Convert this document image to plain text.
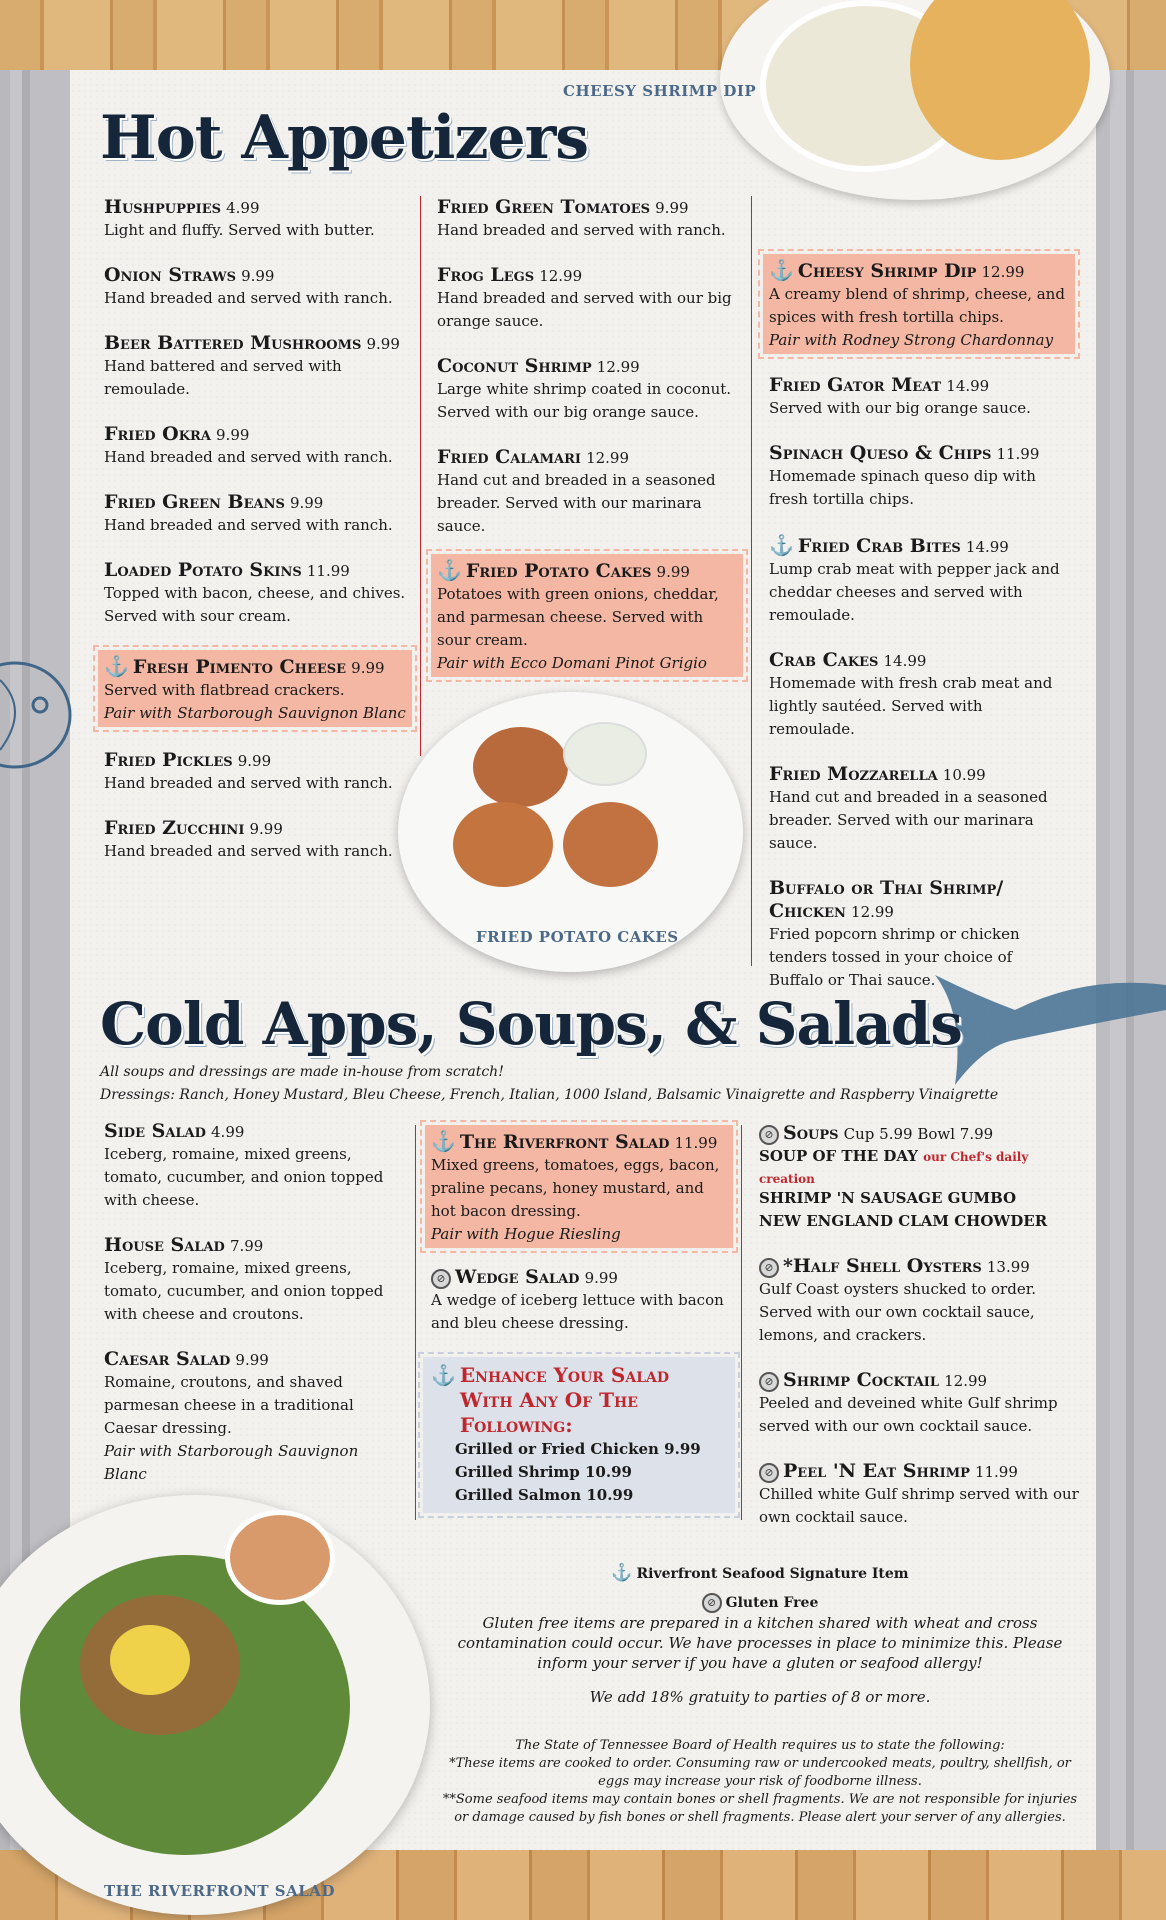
CHEESY SHRIMP DIP
Hot Appetizers
Hushpuppies 4.99
Light and fluffy. Served with butter.
Onion Straws 9.99
Hand breaded and served with ranch.
Beer Battered Mushrooms 9.99
Hand battered and served with remoulade.
Fried Okra 9.99
Hand breaded and served with ranch.
Fried Green Beans 9.99
Hand breaded and served with ranch.
Loaded Potato Skins 11.99
Topped with bacon, cheese, and chives. Served with sour cream.
⚓ Fresh Pimento Cheese 9.99
Served with flatbread crackers.
Pair with Starborough Sauvignon Blanc
Fried Pickles 9.99
Hand breaded and served with ranch.
Fried Zucchini 9.99
Hand breaded and served with ranch.
Fried Green Tomatoes 9.99
Hand breaded and served with ranch.
Frog Legs 12.99
Hand breaded and served with our big orange sauce.
Coconut Shrimp 12.99
Large white shrimp coated in coconut. Served with our big orange sauce.
Fried Calamari 12.99
Hand cut and breaded in a seasoned breader. Served with our marinara sauce.
⚓ Fried Potato Cakes 9.99
Potatoes with green onions, cheddar, and parmesan cheese. Served with sour cream.
Pair with Ecco Domani Pinot Grigio
FRIED POTATO CAKES
⚓ Cheesy Shrimp Dip 12.99
A creamy blend of shrimp, cheese, and spices with fresh tortilla chips.
Pair with Rodney Strong Chardonnay
Fried Gator Meat 14.99
Served with our big orange sauce.
Spinach Queso & Chips 11.99
Homemade spinach queso dip with fresh tortilla chips.
⚓ Fried Crab Bites 14.99
Lump crab meat with pepper jack and cheddar cheeses and served with remoulade.
Crab Cakes 14.99
Homemade with fresh crab meat and lightly sautéed. Served with remoulade.
Fried Mozzarella 10.99
Hand cut and breaded in a seasoned breader. Served with our marinara sauce.
Buffalo or Thai Shrimp/ Chicken 12.99
Fried popcorn shrimp or chicken tenders tossed in your choice of Buffalo or Thai sauce.
Cold Apps, Soups, & Salads
All soups and dressings are made in-house from scratch!
Dressings: Ranch, Honey Mustard, Bleu Cheese, French, Italian, 1000 Island, Balsamic Vinaigrette and Raspberry Vinaigrette
Side Salad 4.99
Iceberg, romaine, mixed greens, tomato, cucumber, and onion topped with cheese.
House Salad 7.99
Iceberg, romaine, mixed greens, tomato, cucumber, and onion topped with cheese and croutons.
Caesar Salad 9.99
Romaine, croutons, and shaved parmesan cheese in a traditional Caesar dressing.
Pair with Starborough Sauvignon Blanc
⚓ The Riverfront Salad 11.99
Mixed greens, tomatoes, eggs, bacon, praline pecans, honey mustard, and hot bacon dressing.
Pair with Hogue Riesling
⊘ Wedge Salad 9.99
A wedge of iceberg lettuce with bacon and bleu cheese dressing.
⚓ Enhance Your Salad With Any Of The Following:
Grilled or Fried Chicken 9.99
Grilled Shrimp 10.99
Grilled Salmon 10.99
⊘ Soups Cup 5.99 Bowl 7.99
SOUP OF THE DAY our Chef's daily creation
SHRIMP 'N SAUSAGE GUMBO
NEW ENGLAND CLAM CHOWDER
⊘ *Half Shell Oysters 13.99
Gulf Coast oysters shucked to order. Served with our own cocktail sauce, lemons, and crackers.
⊘ Shrimp Cocktail 12.99
Peeled and deveined white Gulf shrimp served with our own cocktail sauce.
⊘ Peel 'N Eat Shrimp 11.99
Chilled white Gulf shrimp served with our own cocktail sauce.
THE RIVERFRONT SALAD
⚓ Riverfront Seafood Signature Item
⊘ Gluten Free
Gluten free items are prepared in a kitchen shared with wheat and cross contamination could occur. We have processes in place to minimize this. Please inform your server if you have a gluten or seafood allergy!
We add 18% gratuity to parties of 8 or more.
The State of Tennessee Board of Health requires us to state the following:
*These items are cooked to order. Consuming raw or undercooked meats, poultry, shellfish, or eggs may increase your risk of foodborne illness.
**Some seafood items may contain bones or shell fragments. We are not responsible for injuries or damage caused by fish bones or shell fragments. Please alert your server of any allergies.
